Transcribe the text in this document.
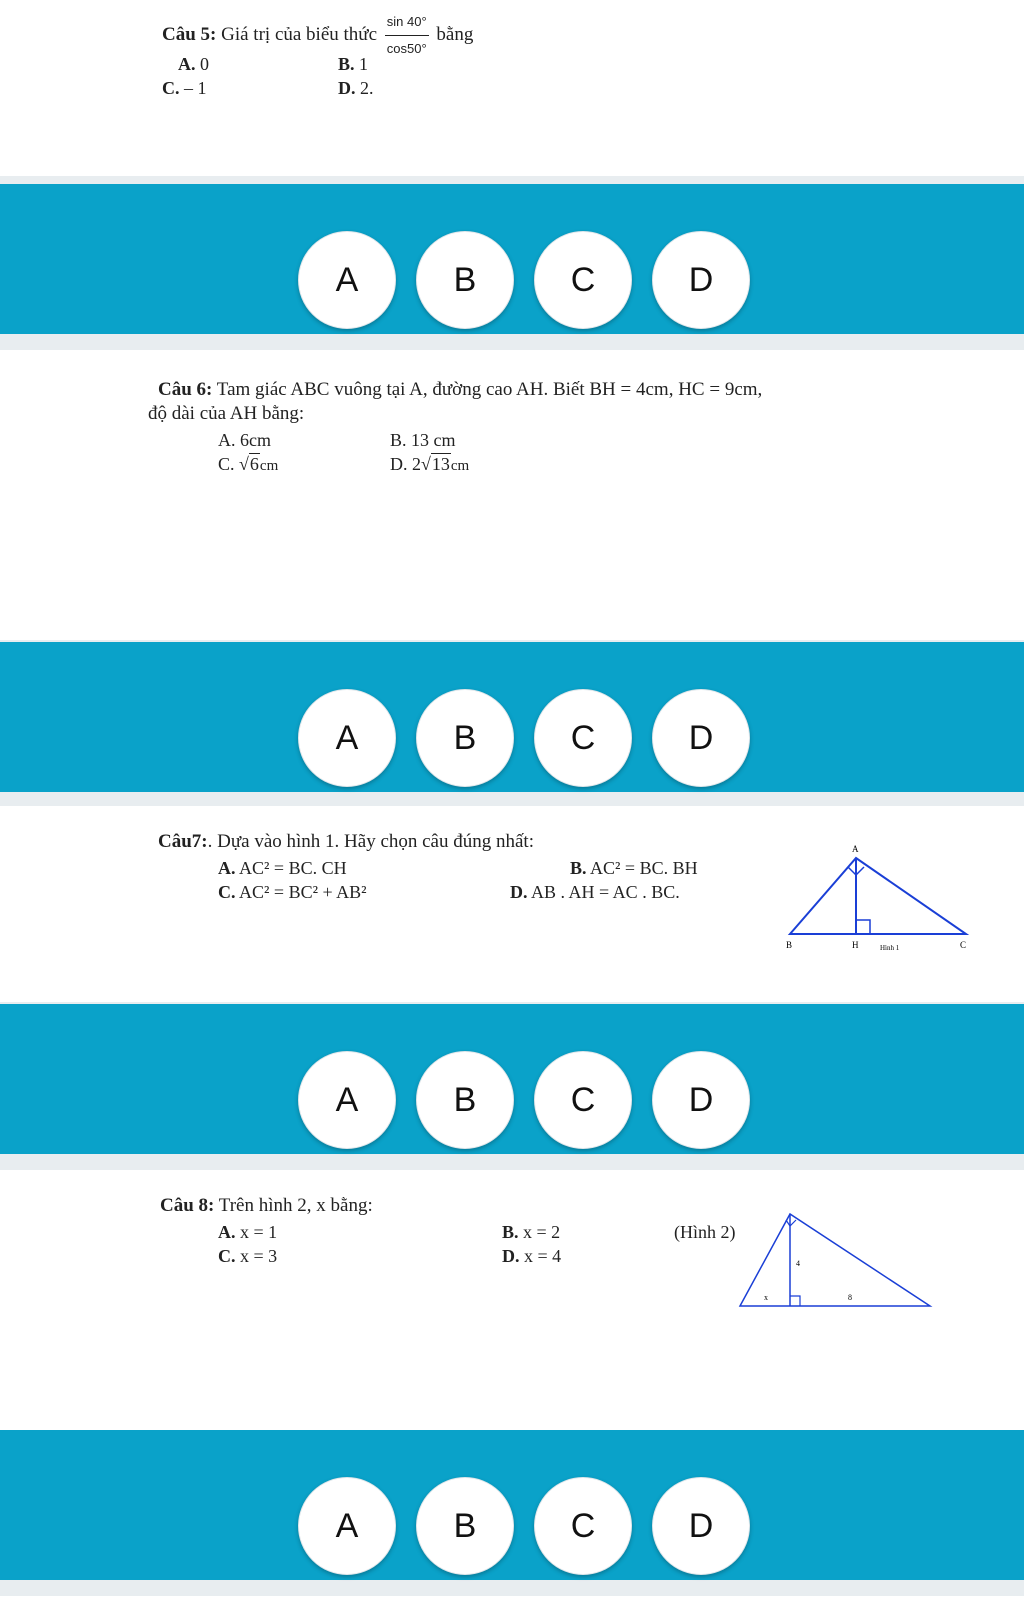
Câu 5: Giá trị của biểu thức $\frac{\sin 40^\circ}{\cos 50^\circ}$ bằng
A. 0	B. 1
C. – 1	D. 2.
A	B	C	D
Câu 6: Tam giác ABC vuông tại A, đường cao AH. Biết BH = 4cm, HC = 9cm,
độ dài của AH bằng:
A. 6cm	B. 13 cm
C. √6cm	D. 2√13cm
A	B	C	D
Câu7:. Dựa vào hình 1. Hãy chọn câu đúng nhất:
A. AC² = BC. CH	B. AC² = BC. BH
C. AC² = BC² + AB²	D. AB . AH = AC . BC.
A
B	H	C
Hình 1
A	B	C	D
Câu 8: Trên hình 2, x bằng:
A. x = 1	B. x = 2
C. x = 3	D. x = 4
(Hình 2)
4
x	8
A	B	C	D
